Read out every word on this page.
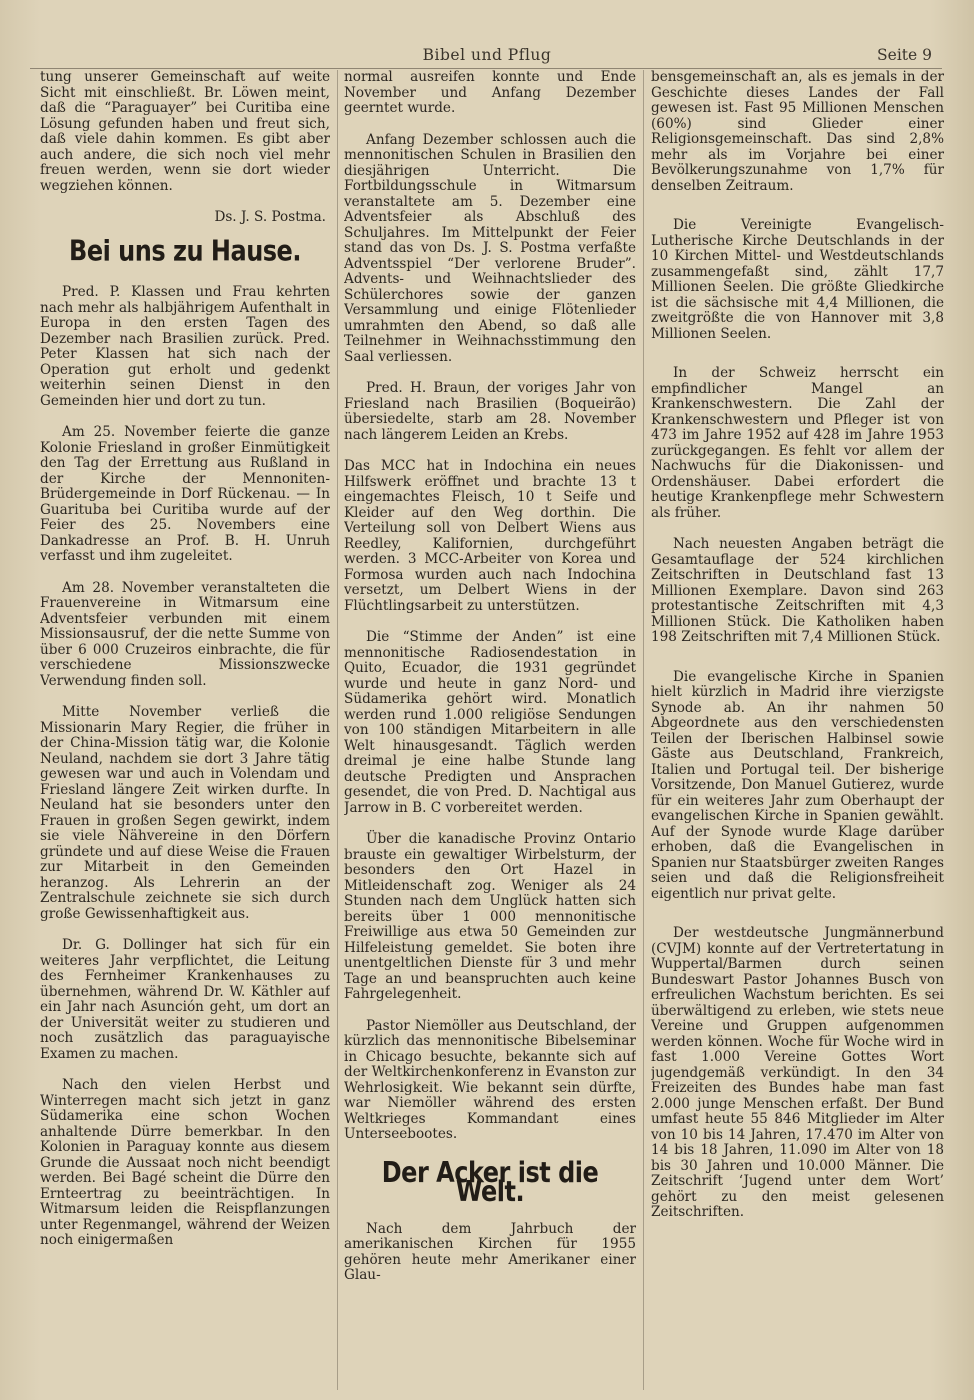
Bibel und Pflug	Seite 9

tung unserer Gemeinschaft auf weite Sicht mit einschließt. Br. Löwen meint, daß die “Paraguayer” bei Curitiba eine Lösung gefunden haben und freut sich, daß viele dahin kommen. Es gibt aber auch andere, die sich noch viel mehr freuen werden, wenn sie dort wieder wegziehen können.

Ds. J. S. Postma.
Bei uns zu Hause.

Pred. P. Klassen und Frau kehrten nach mehr als halbjährigem Aufenthalt in Europa in den ersten Tagen des Dezember nach Brasilien zurück. Pred. Peter Klassen hat sich nach der Operation gut erholt und gedenkt weiterhin seinen Dienst in den Gemeinden hier und dort zu tun.

Am 25. November feierte die ganze Kolonie Friesland in großer Einmütigkeit den Tag der Errettung aus Rußland in der Kirche der Mennoniten-Brüdergemeinde in Dorf Rückenau. — In Guarituba bei Curitiba wurde auf der Feier des 25. Novembers eine Dankadresse an Prof. B. H. Unruh verfasst und ihm zugeleitet.

Am 28. November veranstalteten die Frauenvereine in Witmarsum eine Adventsfeier verbunden mit einem Missionsausruf, der die nette Summe von über 6 000 Cruzeiros einbrachte, die für verschiedene Missionszwecke Verwendung finden soll.

Mitte November verließ die Missionarin Mary Regier, die früher in der China-Mission tätig war, die Kolonie Neuland, nachdem sie dort 3 Jahre tätig gewesen war und auch in Volendam und Friesland längere Zeit wirken durfte. In Neuland hat sie besonders unter den Frauen in großen Segen gewirkt, indem sie viele Nähvereine in den Dörfern gründete und auf diese Weise die Frauen zur Mitarbeit in den Gemeinden heranzog. Als Lehrerin an der Zentralschule zeichnete sie sich durch große Gewissenhaftigkeit aus.

Dr. G. Dollinger hat sich für ein weiteres Jahr verpflichtet, die Leitung des Fernheimer Krankenhauses zu übernehmen, während Dr. W. Käthler auf ein Jahr nach Asunción geht, um dort an der Universität weiter zu studieren und noch zusätzlich das paraguayische Examen zu machen.

Nach den vielen Herbst und Winterregen macht sich jetzt in ganz Südamerika eine schon Wochen anhaltende Dürre bemerkbar. In den Kolonien in Paraguay konnte aus diesem Grunde die Aussaat noch nicht beendigt werden. Bei Bagé scheint die Dürre den Ernteertrag zu beeinträchtigen. In Witmarsum leiden die Reispflanzungen unter Regenmangel, während der Weizen noch einigermaßen

normal ausreifen konnte und Ende November und Anfang Dezember geerntet wurde.

Anfang Dezember schlossen auch die mennonitischen Schulen in Brasilien den diesjährigen Unterricht. Die Fortbildungsschule in Witmarsum veranstaltete am 5. Dezember eine Adventsfeier als Abschluß des Schuljahres. Im Mittelpunkt der Feier stand das von Ds. J. S. Postma verfaßte Adventsspiel “Der verlorene Bruder”. Advents- und Weihnachtslieder des Schülerchores sowie der ganzen Versammlung und einige Flötenlieder umrahmten den Abend, so daß alle Teilnehmer in Weihnachsstimmung den Saal verliessen.

Pred. H. Braun, der voriges Jahr von Friesland nach Brasilien (Boqueirão) übersiedelte, starb am 28. November nach längerem Leiden an Krebs.

Das MCC hat in Indochina ein neues Hilfswerk eröffnet und brachte 13 t eingemachtes Fleisch, 10 t Seife und Kleider auf den Weg dorthin. Die Verteilung soll von Delbert Wiens aus Reedley, Kalifornien, durchgeführt werden. 3 MCC-Arbeiter von Korea und Formosa wurden auch nach Indochina versetzt, um Delbert Wiens in der Flüchtlingsarbeit zu unterstützen.

Die “Stimme der Anden” ist eine mennonitische Radiosendestation in Quito, Ecuador, die 1931 gegründet wurde und heute in ganz Nord- und Südamerika gehört wird. Monatlich werden rund 1.000 religiöse Sendungen von 100 ständigen Mitarbeitern in alle Welt hinausgesandt. Täglich werden dreimal je eine halbe Stunde lang deutsche Predigten und Ansprachen gesendet, die von Pred. D. Nachtigal aus Jarrow in B. C vorbereitet werden.

Über die kanadische Provinz Ontario brauste ein gewaltiger Wirbelsturm, der besonders den Ort Hazel in Mitleidenschaft zog. Weniger als 24 Stunden nach dem Unglück hatten sich bereits über 1 000 mennonitische Freiwillige aus etwa 50 Gemeinden zur Hilfeleistung gemeldet. Sie boten ihre unentgeltlichen Dienste für 3 und mehr Tage an und beanspruchten auch keine Fahrgelegenheit.

Pastor Niemöller aus Deutschland, der kürzlich das mennonitische Bibelseminar in Chicago besuchte, bekannte sich auf der Weltkirchenkonferenz in Evanston zur Wehrlosigkeit. Wie bekannt sein dürfte, war Niemöller während des ersten Weltkrieges Kommandant eines Unterseebootes.

Der Acker ist die Welt.

Nach dem Jahrbuch der amerikanischen Kirchen für 1955 gehören heute mehr Amerikaner einer Glau-

bensgemeinschaft an, als es jemals in der Geschichte dieses Landes der Fall gewesen ist. Fast 95 Millionen Menschen (60%) sind Glieder einer Religionsgemeinschaft. Das sind 2,8% mehr als im Vorjahre bei einer Bevölkerungszunahme von 1,7% für denselben Zeitraum.

Die Vereinigte Evangelisch-Lutherische Kirche Deutschlands in der 10 Kirchen Mittel- und Westdeutschlands zusammengefaßt sind, zählt 17,7 Millionen Seelen. Die größte Gliedkirche ist die sächsische mit 4,4 Millionen, die zweitgrößte die von Hannover mit 3,8 Millionen Seelen.

In der Schweiz herrscht ein empfindlicher Mangel an Krankenschwestern. Die Zahl der Krankenschwestern und Pfleger ist von 473 im Jahre 1952 auf 428 im Jahre 1953 zurückgegangen. Es fehlt vor allem der Nachwuchs für die Diakonissen- und Ordenshäuser. Dabei erfordert die heutige Krankenpflege mehr Schwestern als früher.

Nach neuesten Angaben beträgt die Gesamtauflage der 524 kirchlichen Zeitschriften in Deutschland fast 13 Millionen Exemplare. Davon sind 263 protestantische Zeitschriften mit 4,3 Millionen Stück. Die Katholiken haben 198 Zeitschriften mit 7,4 Millionen Stück.

Die evangelische Kirche in Spanien hielt kürzlich in Madrid ihre vierzigste Synode ab. An ihr nahmen 50 Abgeordnete aus den verschiedensten Teilen der Iberischen Halbinsel sowie Gäste aus Deutschland, Frankreich, Italien und Portugal teil. Der bisherige Vorsitzende, Don Manuel Gutierez, wurde für ein weiteres Jahr zum Oberhaupt der evangelischen Kirche in Spanien gewählt. Auf der Synode wurde Klage darüber erhoben, daß die Evangelischen in Spanien nur Staatsbürger zweiten Ranges seien und daß die Religionsfreiheit eigentlich nur privat gelte.

Der westdeutsche Jungmännerbund (CVJM) konnte auf der Vertretertatung in Wuppertal/Barmen durch seinen Bundeswart Pastor Johannes Busch von erfreulichen Wachstum berichten. Es sei überwältigend zu erleben, wie stets neue Vereine und Gruppen aufgenommen werden können. Woche für Woche wird in fast 1.000 Vereine Gottes Wort jugendgemäß verkündigt. In den 34 Freizeiten des Bundes habe man fast 2.000 junge Menschen erfaßt. Der Bund umfast heute 55 846 Mitglieder im Alter von 10 bis 14 Jahren, 17.470 im Alter von 14 bis 18 Jahren, 11.090 im Alter von 18 bis 30 Jahren und 10.000 Männer. Die Zeitschrift ‘Jugend unter dem Wort’ gehört zu den meist gelesenen Zeitschriften.
